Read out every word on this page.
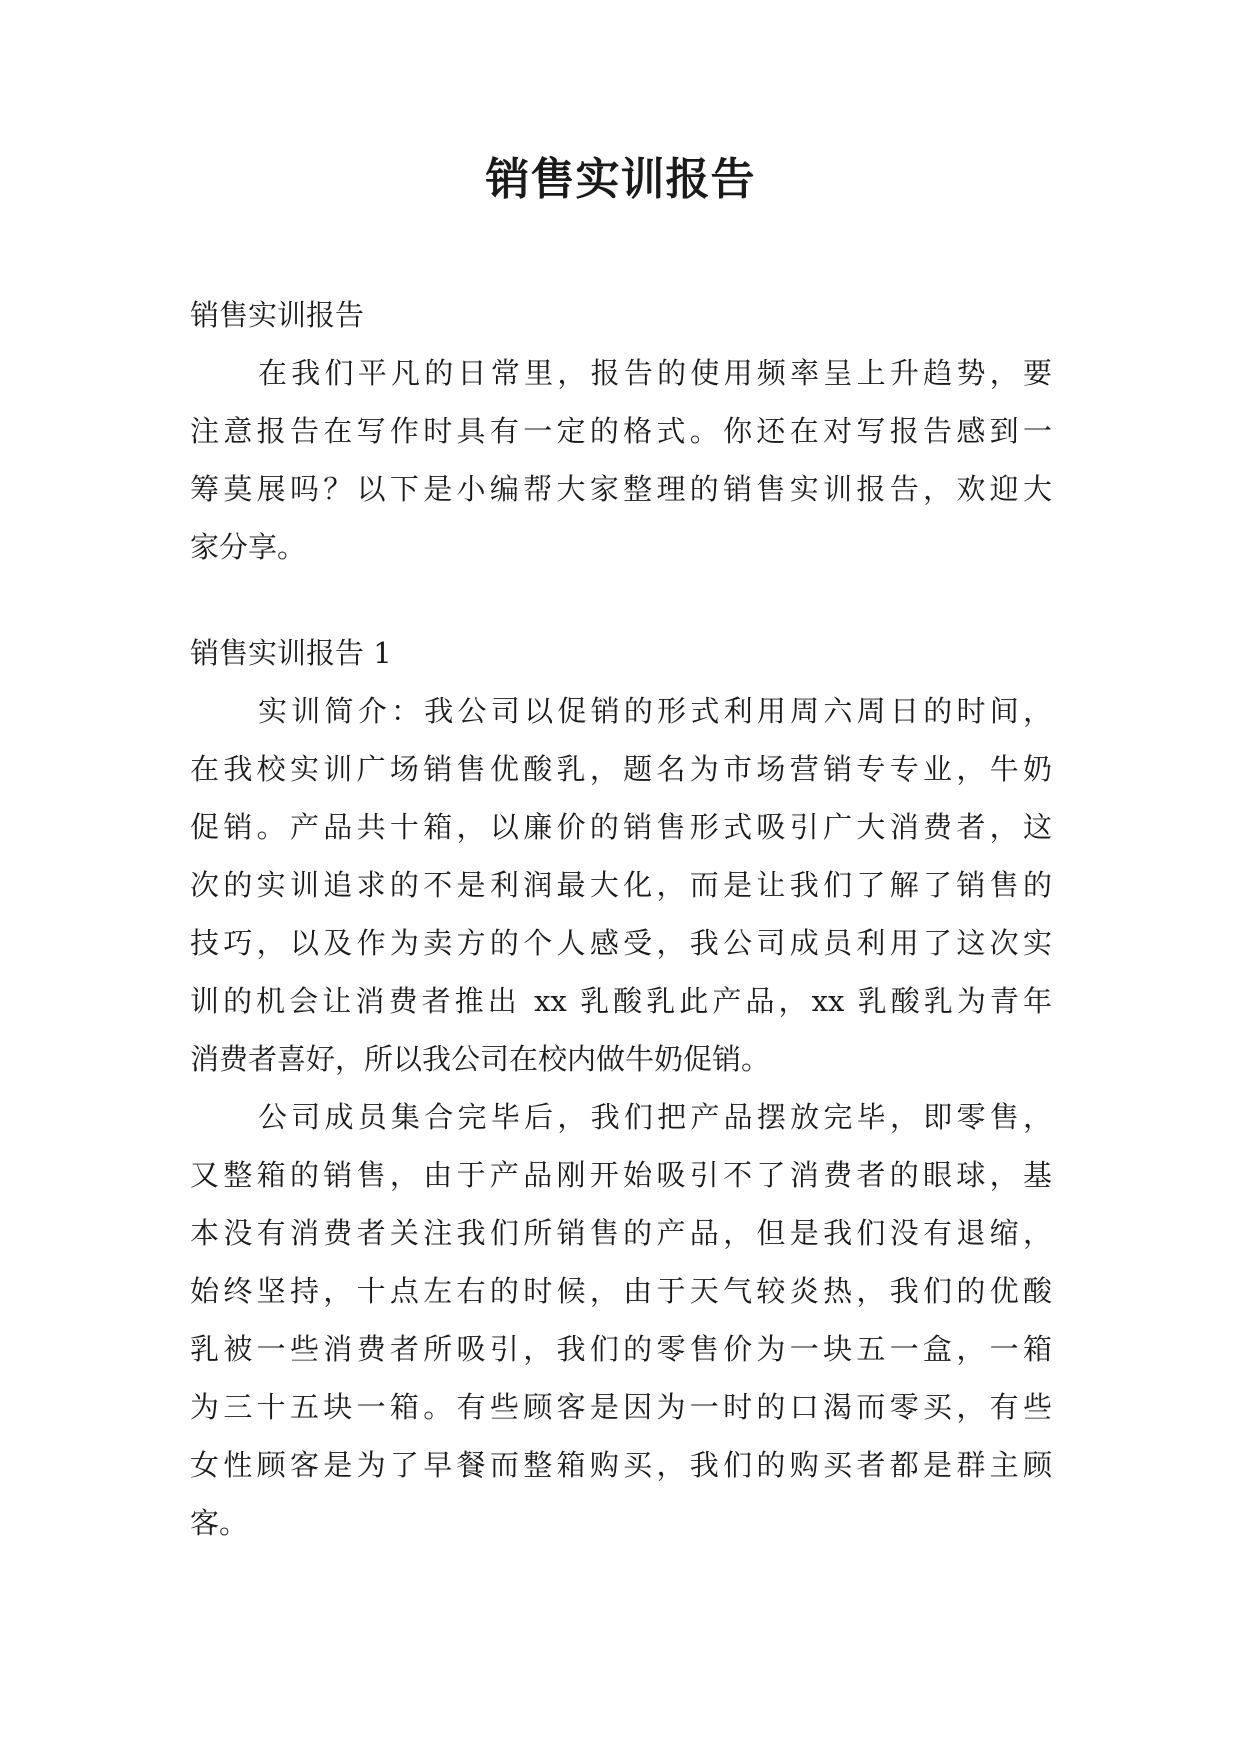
销售实训报告
销售实训报告
在我们平凡的日常里，报告的使用频率呈上升趋势，要
注意报告在写作时具有一定的格式。你还在对写报告感到一
筹莫展吗？以下是小编帮大家整理的销售实训报告，欢迎大
家分享。
销售实训报告 1
实训简介：我公司以促销的形式利用周六周日的时间，
在我校实训广场销售优酸乳，题名为市场营销专专业，牛奶
促销。产品共十箱，以廉价的销售形式吸引广大消费者，这
次的实训追求的不是利润最大化，而是让我们了解了销售的
技巧，以及作为卖方的个人感受，我公司成员利用了这次实
训的机会让消费者推出 xx 乳酸乳此产品，xx 乳酸乳为青年
消费者喜好，所以我公司在校内做牛奶促销。
公司成员集合完毕后，我们把产品摆放完毕，即零售，
又整箱的销售，由于产品刚开始吸引不了消费者的眼球，基
本没有消费者关注我们所销售的产品，但是我们没有退缩，
始终坚持，十点左右的时候，由于天气较炎热，我们的优酸
乳被一些消费者所吸引，我们的零售价为一块五一盒，一箱
为三十五块一箱。有些顾客是因为一时的口渴而零买，有些
女性顾客是为了早餐而整箱购买，我们的购买者都是群主顾
客。
